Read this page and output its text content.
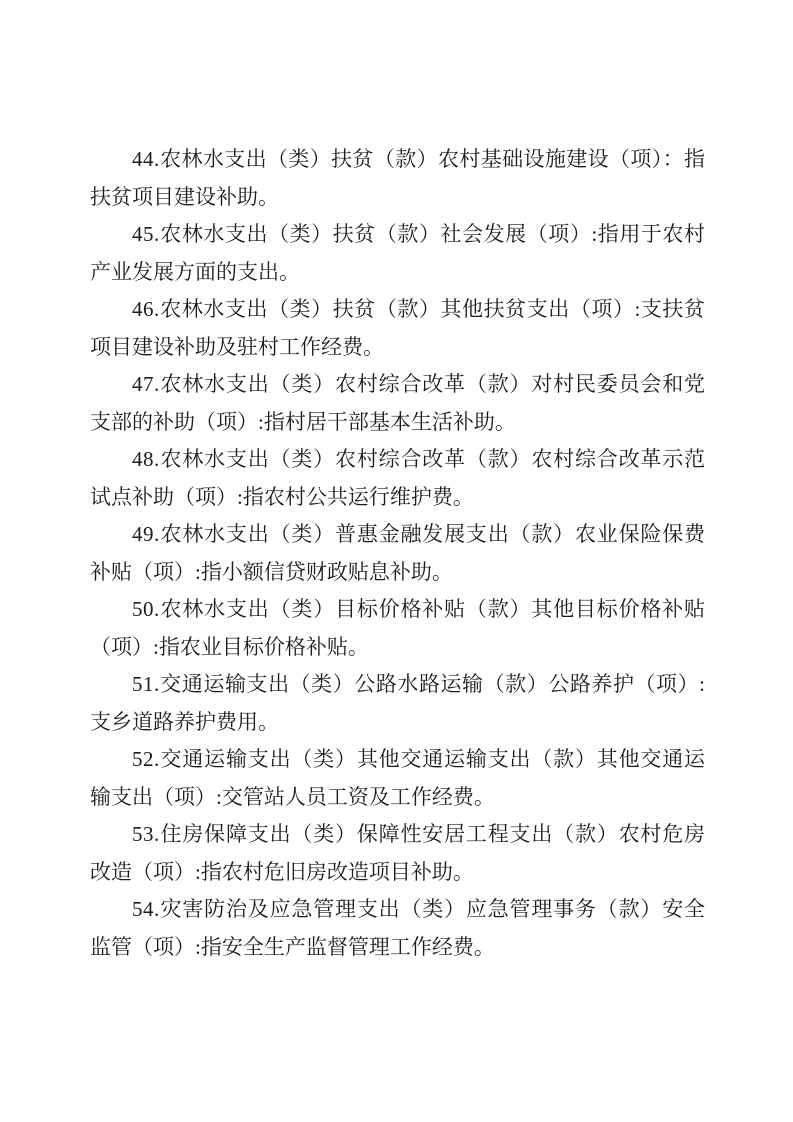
44.农林水支出（类）扶贫（款）农村基础设施建设（项）：指扶贫项目建设补助。

45.农林水支出（类）扶贫（款）社会发展（项）:指用于农村产业发展方面的支出。

46.农林水支出（类）扶贫（款）其他扶贫支出（项）:支扶贫项目建设补助及驻村工作经费。

47.农林水支出（类）农村综合改革（款）对村民委员会和党支部的补助（项）:指村居干部基本生活补助。

48.农林水支出（类）农村综合改革（款）农村综合改革示范试点补助（项）:指农村公共运行维护费。

49.农林水支出（类）普惠金融发展支出（款）农业保险保费补贴（项）:指小额信贷财政贴息补助。

50.农林水支出（类）目标价格补贴（款）其他目标价格补贴（项）:指农业目标价格补贴。

51.交通运输支出（类）公路水路运输（款）公路养护（项）:支乡道路养护费用。

52.交通运输支出（类）其他交通运输支出（款）其他交通运输支出（项）:交管站人员工资及工作经费。

53.住房保障支出（类）保障性安居工程支出（款）农村危房改造（项）:指农村危旧房改造项目补助。

54.灾害防治及应急管理支出（类）应急管理事务（款）安全监管（项）:指安全生产监督管理工作经费。
